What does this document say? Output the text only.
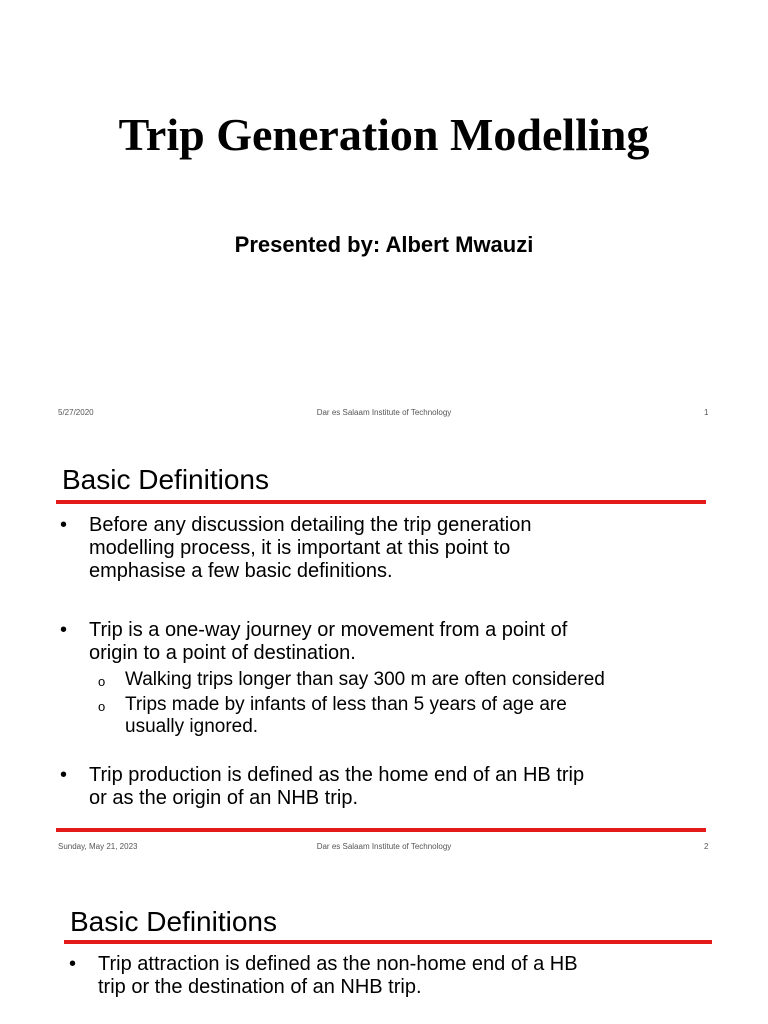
Trip Generation Modelling
Presented by: Albert Mwauzi
5/27/2020	Dar es Salaam Institute of Technology	1
Basic Definitions
• Before any discussion detailing the trip generation
modelling process, it is important at this point to
emphasise a few basic definitions.
• Trip is a one-way journey or movement from a point of
origin to a point of destination.
o Walking trips longer than say 300 m are often considered
o Trips made by infants of less than 5 years of age are
usually ignored.
• Trip production is defined as the home end of an HB trip
or as the origin of an NHB trip.
Sunday, May 21, 2023	Dar es Salaam Institute of Technology	2
Basic Definitions
• Trip attraction is defined as the non-home end of a HB
trip or the destination of an NHB trip.
